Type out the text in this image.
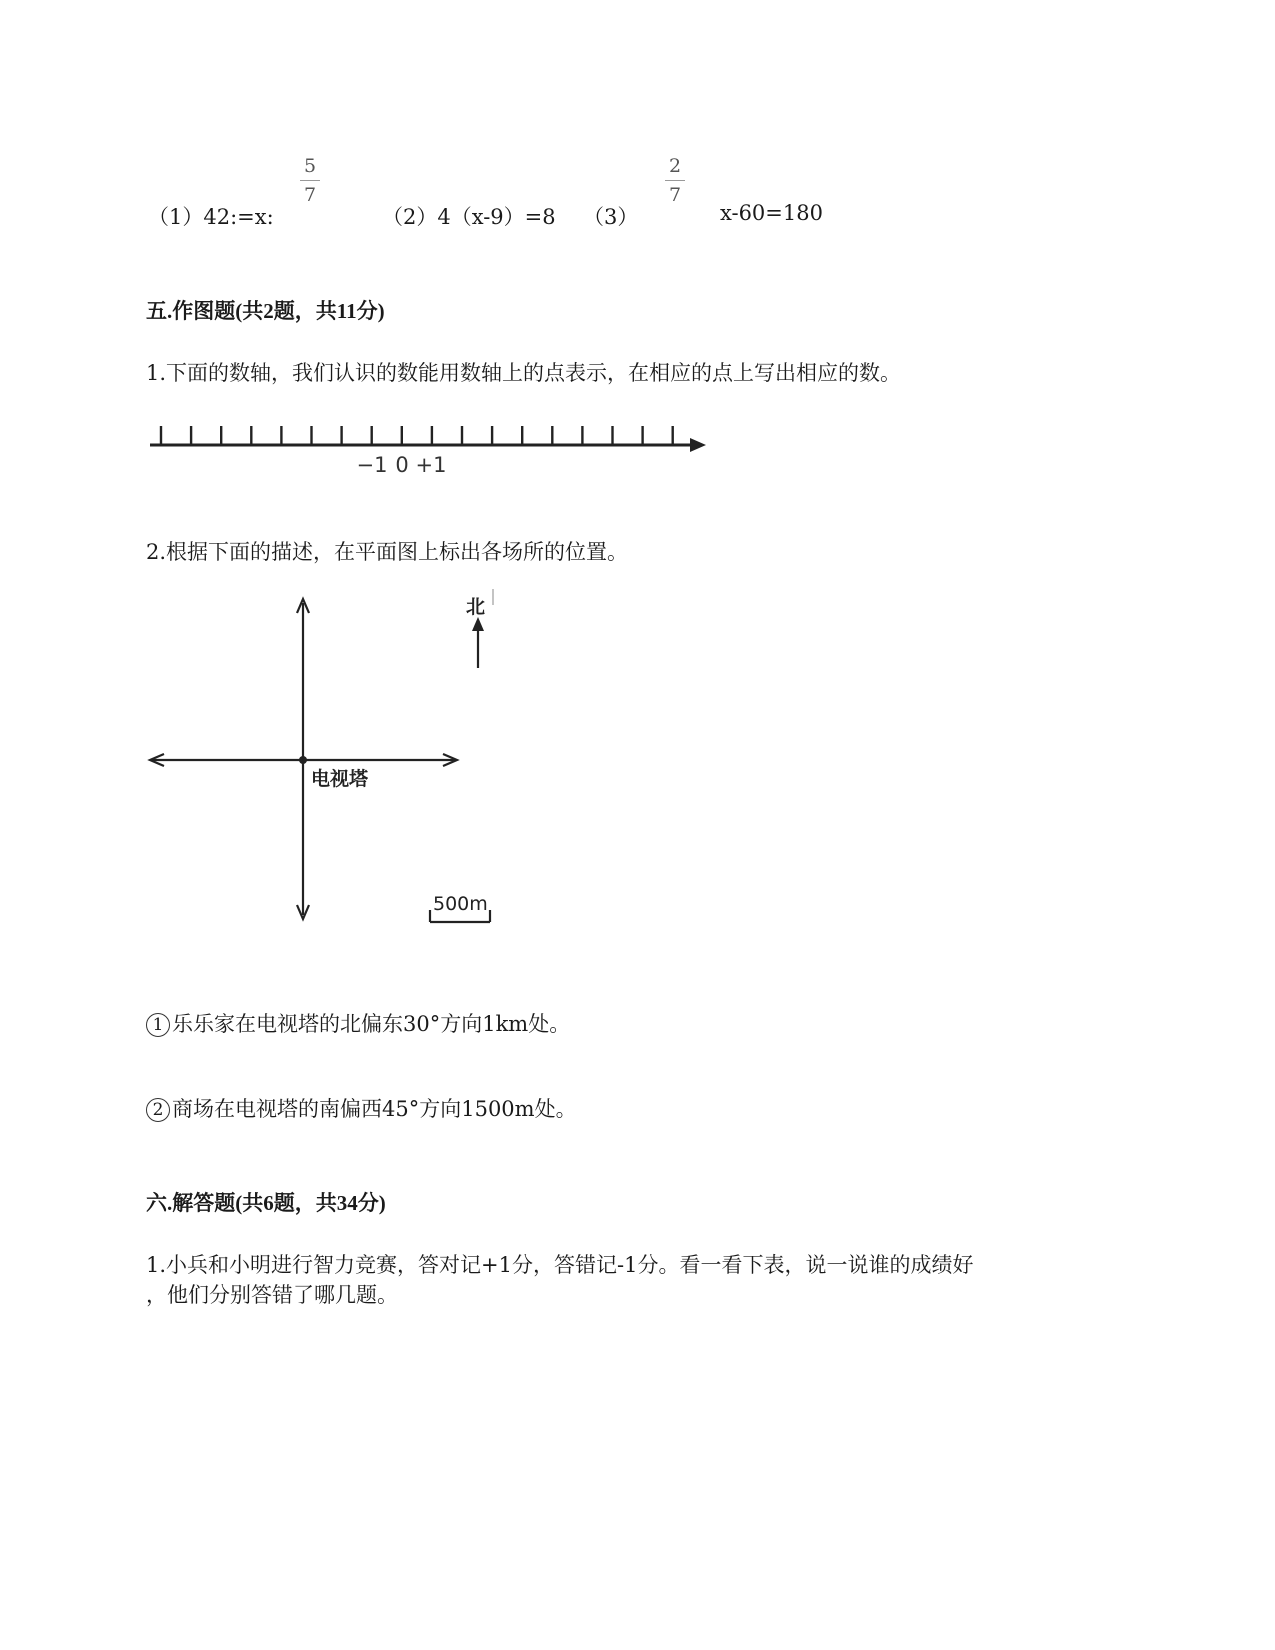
（1）42:=x:
5
7
（2）4（x-9）=8 （3）
2
7
x-60=180
五.作图题(共2题，共11分)
1.下面的数轴，我们认识的数能用数轴上的点表示，在相应的点上写出相应的数。
−1 0 +1
2.根据下面的描述，在平面图上标出各场所的位置。
北
电视塔
500m
1 乐乐家在电视塔的北偏东30°方向1km处。
2 商场在电视塔的南偏西45°方向1500m处。
六.解答题(共6题，共34分)
1.小兵和小明进行智力竞赛，答对记+1分，答错记-1分。看一看下表，说一说谁的成绩好
，他们分别答错了哪几题。
